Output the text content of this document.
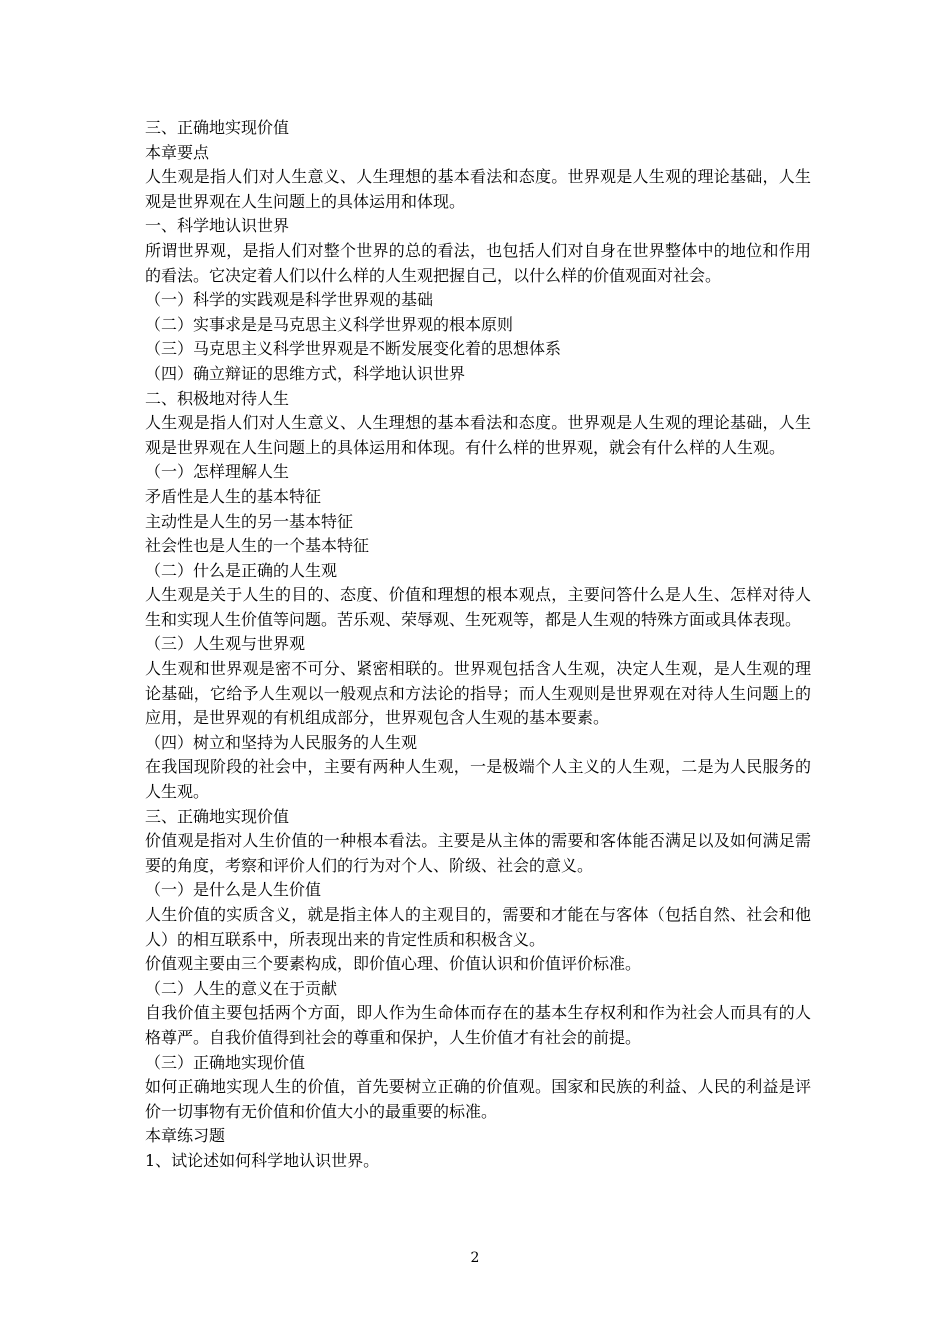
三、正确地实现价值

本章要点

人生观是指人们对人生意义、人生理想的基本看法和态度。世界观是人生观的理论基础，人生观是世界观在人生问题上的具体运用和体现。

一、科学地认识世界

所谓世界观，是指人们对整个世界的总的看法，也包括人们对自身在世界整体中的地位和作用的看法。它决定着人们以什么样的人生观把握自己，以什么样的价值观面对社会。

（一）科学的实践观是科学世界观的基础

（二）实事求是是马克思主义科学世界观的根本原则

（三）马克思主义科学世界观是不断发展变化着的思想体系

（四）确立辩证的思维方式，科学地认识世界

二、积极地对待人生

人生观是指人们对人生意义、人生理想的基本看法和态度。世界观是人生观的理论基础，人生观是世界观在人生问题上的具体运用和体现。有什么样的世界观，就会有什么样的人生观。

（一）怎样理解人生

矛盾性是人生的基本特征

主动性是人生的另一基本特征

社会性也是人生的一个基本特征

（二）什么是正确的人生观

人生观是关于人生的目的、态度、价值和理想的根本观点，主要问答什么是人生、怎样对待人生和实现人生价值等问题。苦乐观、荣辱观、生死观等，都是人生观的特殊方面或具体表现。

（三）人生观与世界观

人生观和世界观是密不可分、紧密相联的。世界观包括含人生观，决定人生观，是人生观的理论基础，它给予人生观以一般观点和方法论的指导；而人生观则是世界观在对待人生问题上的应用，是世界观的有机组成部分，世界观包含人生观的基本要素。

（四）树立和坚持为人民服务的人生观

在我国现阶段的社会中，主要有两种人生观，一是极端个人主义的人生观，二是为人民服务的人生观。

三、正确地实现价值

价值观是指对人生价值的一种根本看法。主要是从主体的需要和客体能否满足以及如何满足需要的角度，考察和评价人们的行为对个人、阶级、社会的意义。

（一）是什么是人生价值

人生价值的实质含义，就是指主体人的主观目的，需要和才能在与客体（包括自然、社会和他人）的相互联系中，所表现出来的肯定性质和积极含义。

价值观主要由三个要素构成，即价值心理、价值认识和价值评价标准。

（二）人生的意义在于贡献

自我价值主要包括两个方面，即人作为生命体而存在的基本生存权利和作为社会人而具有的人格尊严。自我价值得到社会的尊重和保护，人生价值才有社会的前提。

（三）正确地实现价值

如何正确地实现人生的价值，首先要树立正确的价值观。国家和民族的利益、人民的利益是评价一切事物有无价值和价值大小的最重要的标准。

本章练习题

1、试论述如何科学地认识世界。

2
